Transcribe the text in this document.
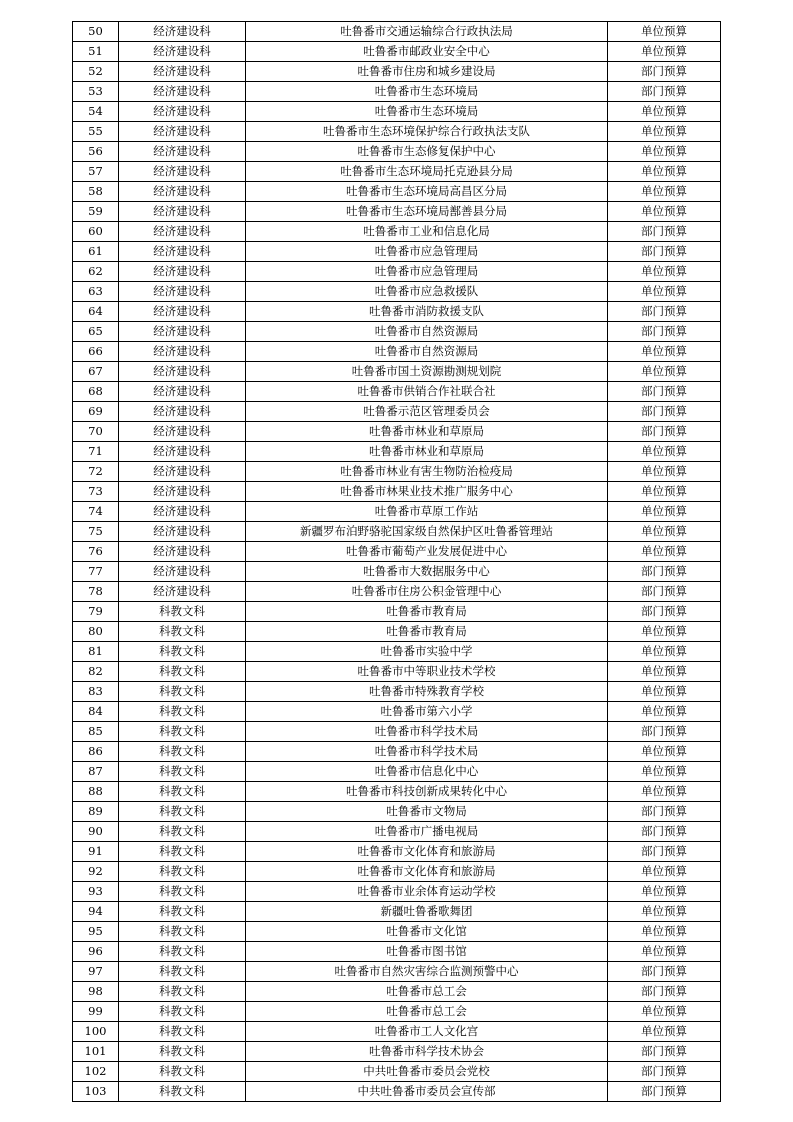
50	经济建设科	吐鲁番市交通运输综合行政执法局	单位预算
51	经济建设科	吐鲁番市邮政业安全中心	单位预算
52	经济建设科	吐鲁番市住房和城乡建设局	部门预算
53	经济建设科	吐鲁番市生态环境局	部门预算
54	经济建设科	吐鲁番市生态环境局	单位预算
55	经济建设科	吐鲁番市生态环境保护综合行政执法支队	单位预算
56	经济建设科	吐鲁番市生态修复保护中心	单位预算
57	经济建设科	吐鲁番市生态环境局托克逊县分局	单位预算
58	经济建设科	吐鲁番市生态环境局高昌区分局	单位预算
59	经济建设科	吐鲁番市生态环境局鄯善县分局	单位预算
60	经济建设科	吐鲁番市工业和信息化局	部门预算
61	经济建设科	吐鲁番市应急管理局	部门预算
62	经济建设科	吐鲁番市应急管理局	单位预算
63	经济建设科	吐鲁番市应急救援队	单位预算
64	经济建设科	吐鲁番市消防救援支队	部门预算
65	经济建设科	吐鲁番市自然资源局	部门预算
66	经济建设科	吐鲁番市自然资源局	单位预算
67	经济建设科	吐鲁番市国土资源勘测规划院	单位预算
68	经济建设科	吐鲁番市供销合作社联合社	部门预算
69	经济建设科	吐鲁番示范区管理委员会	部门预算
70	经济建设科	吐鲁番市林业和草原局	部门预算
71	经济建设科	吐鲁番市林业和草原局	单位预算
72	经济建设科	吐鲁番市林业有害生物防治检疫局	单位预算
73	经济建设科	吐鲁番市林果业技术推广服务中心	单位预算
74	经济建设科	吐鲁番市草原工作站	单位预算
75	经济建设科	新疆罗布泊野骆驼国家级自然保护区吐鲁番管理站	单位预算
76	经济建设科	吐鲁番市葡萄产业发展促进中心	单位预算
77	经济建设科	吐鲁番市大数据服务中心	部门预算
78	经济建设科	吐鲁番市住房公积金管理中心	部门预算
79	科教文科	吐鲁番市教育局	部门预算
80	科教文科	吐鲁番市教育局	单位预算
81	科教文科	吐鲁番市实验中学	单位预算
82	科教文科	吐鲁番市中等职业技术学校	单位预算
83	科教文科	吐鲁番市特殊教育学校	单位预算
84	科教文科	吐鲁番市第六小学	单位预算
85	科教文科	吐鲁番市科学技术局	部门预算
86	科教文科	吐鲁番市科学技术局	单位预算
87	科教文科	吐鲁番市信息化中心	单位预算
88	科教文科	吐鲁番市科技创新成果转化中心	单位预算
89	科教文科	吐鲁番市文物局	部门预算
90	科教文科	吐鲁番市广播电视局	部门预算
91	科教文科	吐鲁番市文化体育和旅游局	部门预算
92	科教文科	吐鲁番市文化体育和旅游局	单位预算
93	科教文科	吐鲁番市业余体育运动学校	单位预算
94	科教文科	新疆吐鲁番歌舞团	单位预算
95	科教文科	吐鲁番市文化馆	单位预算
96	科教文科	吐鲁番市图书馆	单位预算
97	科教文科	吐鲁番市自然灾害综合监测预警中心	部门预算
98	科教文科	吐鲁番市总工会	部门预算
99	科教文科	吐鲁番市总工会	单位预算
100	科教文科	吐鲁番市工人文化宫	单位预算
101	科教文科	吐鲁番市科学技术协会	部门预算
102	科教文科	中共吐鲁番市委员会党校	部门预算
103	科教文科	中共吐鲁番市委员会宣传部	部门预算
